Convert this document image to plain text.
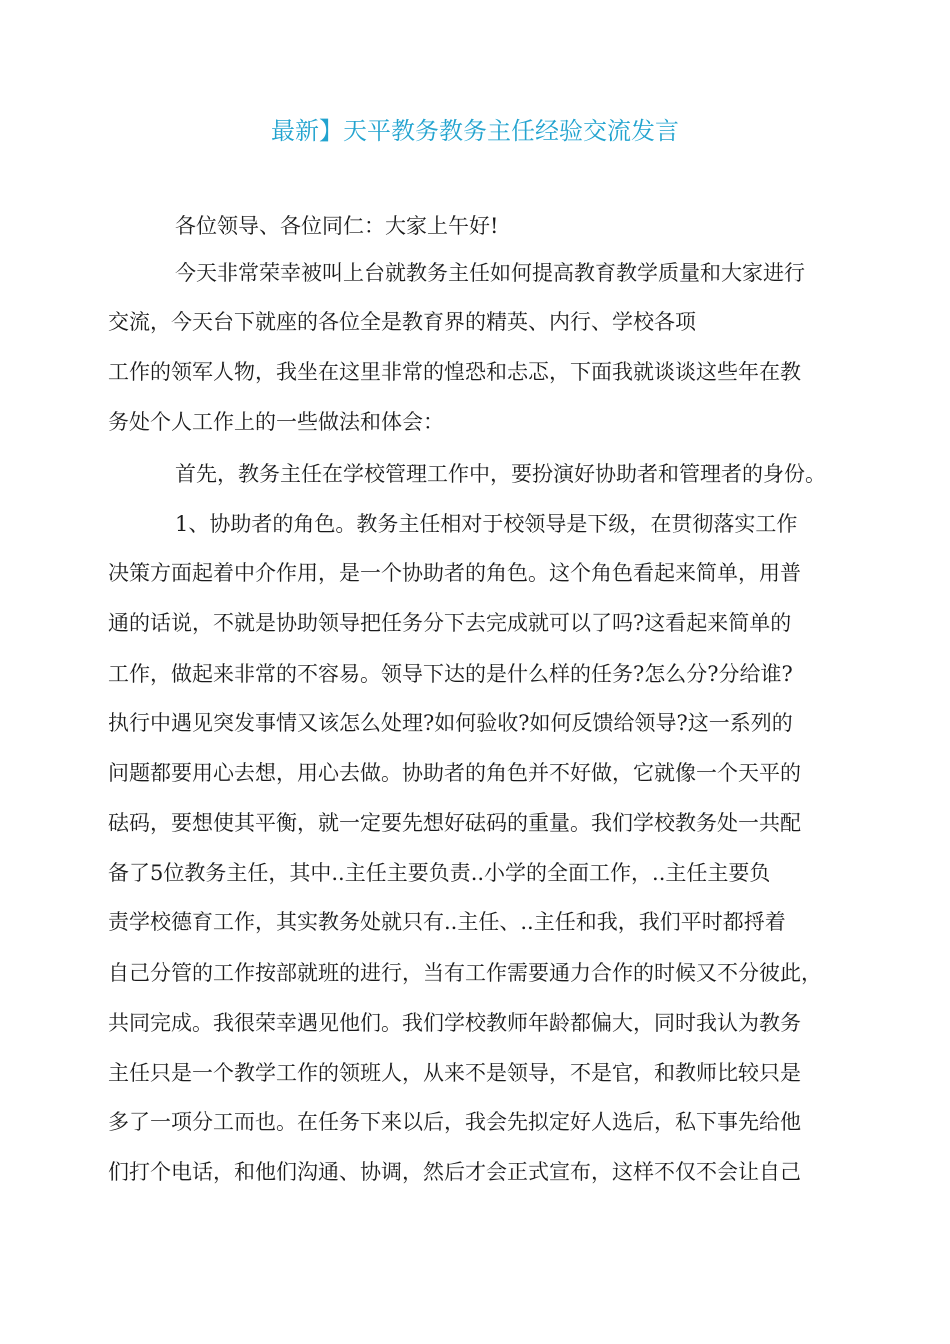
最新】天平教务教务主任经验交流发言
各位领导、各位同仁：大家上午好!
今天非常荣幸被叫上台就教务主任如何提高教育教学质量和大家进行
交流，今天台下就座的各位全是教育界的精英、内行、学校各项
工作的领军人物，我坐在这里非常的惶恐和忐忑，下面我就谈谈这些年在教
务处个人工作上的一些做法和体会：
首先，教务主任在学校管理工作中，要扮演好协助者和管理者的身份。
1、协助者的角色。教务主任相对于校领导是下级，在贯彻落实工作
决策方面起着中介作用，是一个协助者的角色。这个角色看起来简单，用普
通的话说，不就是协助领导把任务分下去完成就可以了吗?这看起来简单的
工作，做起来非常的不容易。领导下达的是什么样的任务?怎么分?分给谁?
执行中遇见突发事情又该怎么处理?如何验收?如何反馈给领导?这一系列的
问题都要用心去想，用心去做。协助者的角色并不好做，它就像一个天平的
砝码，要想使其平衡，就一定要先想好砝码的重量。我们学校教务处一共配
备了5位教务主任，其中..主任主要负责..小学的全面工作，..主任主要负
责学校德育工作，其实教务处就只有..主任、..主任和我，我们平时都捋着
自己分管的工作按部就班的进行，当有工作需要通力合作的时候又不分彼此，
共同完成。我很荣幸遇见他们。我们学校教师年龄都偏大，同时我认为教务
主任只是一个教学工作的领班人，从来不是领导，不是官，和教师比较只是
多了一项分工而也。在任务下来以后，我会先拟定好人选后，私下事先给他
们打个电话，和他们沟通、协调，然后才会正式宣布，这样不仅不会让自己
